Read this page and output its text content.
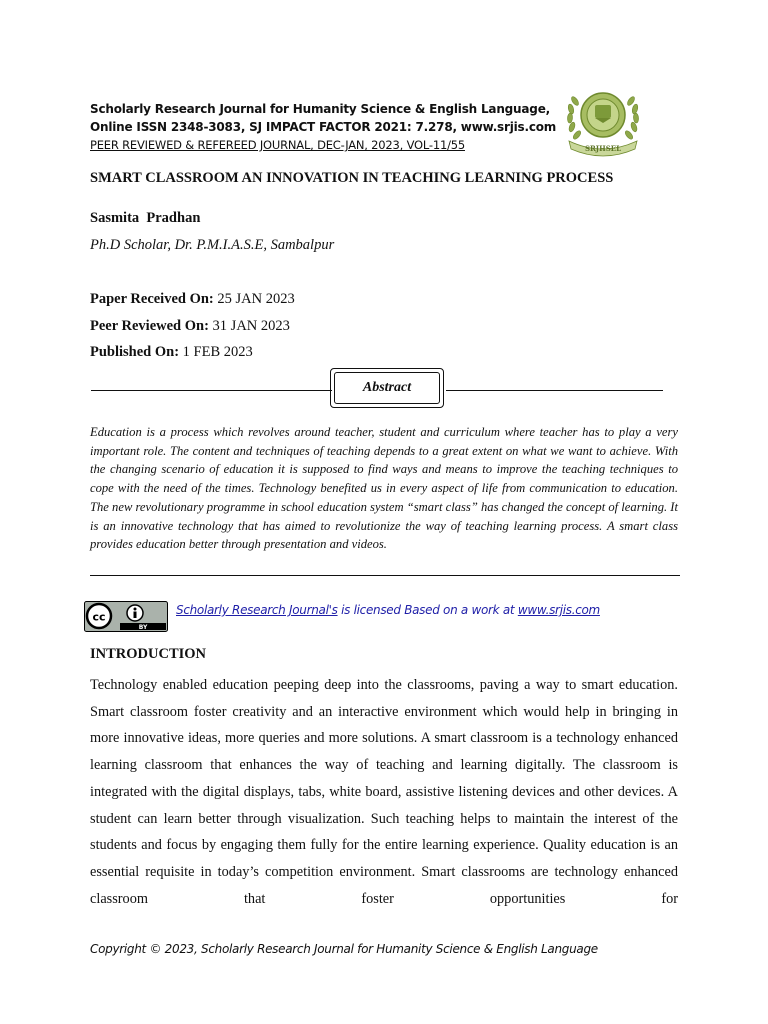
Scholarly Research Journal for Humanity Science & English Language,
Online ISSN 2348-3083, SJ IMPACT FACTOR 2021: 7.278, www.srjis.com
PEER REVIEWED & REFEREED JOURNAL, DEC-JAN, 2023, VOL-11/55	SRJHSEL
SMART CLASSROOM AN INNOVATION IN TEACHING LEARNING PROCESS
Sasmita  Pradhan
Ph.D Scholar, Dr. P.M.I.A.S.E, Sambalpur
Paper Received On: 25 JAN 2023
Peer Reviewed On: 31 JAN 2023
Published On: 1 FEB 2023
Abstract
Education is a process which revolves around teacher, student and curriculum where teacher has to play a very important role. The content and techniques of teaching depends to a great extent on what we want to achieve. With the changing scenario of education it is supposed to find ways and means to improve the teaching techniques to cope with the need of the times. Technology benefited us in every aspect of life from communication to education. The new revolutionary programme in school education system “smart class” has changed the concept of learning. It is an innovative technology that has aimed to revolutionize the way of teaching learning process. A smart class provides education better through presentation and videos.
cc
BY
Scholarly Research Journal's is licensed Based on a work at www.srjis.com
INTRODUCTION
Technology enabled education peeping deep into the classrooms, paving a way to smart education. Smart classroom foster creativity and an interactive environment which would help in bringing in more innovative ideas, more queries and more solutions. A smart classroom is a technology enhanced learning classroom that enhances the way of teaching and learning digitally. The classroom is integrated with the digital displays, tabs, white board, assistive listening devices and other devices. A student can learn better through visualization. Such teaching helps to maintain the interest of the students and focus by engaging them fully for the entire learning experience. Quality education is an essential requisite in today’s competition environment. Smart classrooms are technology enhanced classroom that foster opportunities for
Copyright © 2023, Scholarly Research Journal for Humanity Science & English Language
